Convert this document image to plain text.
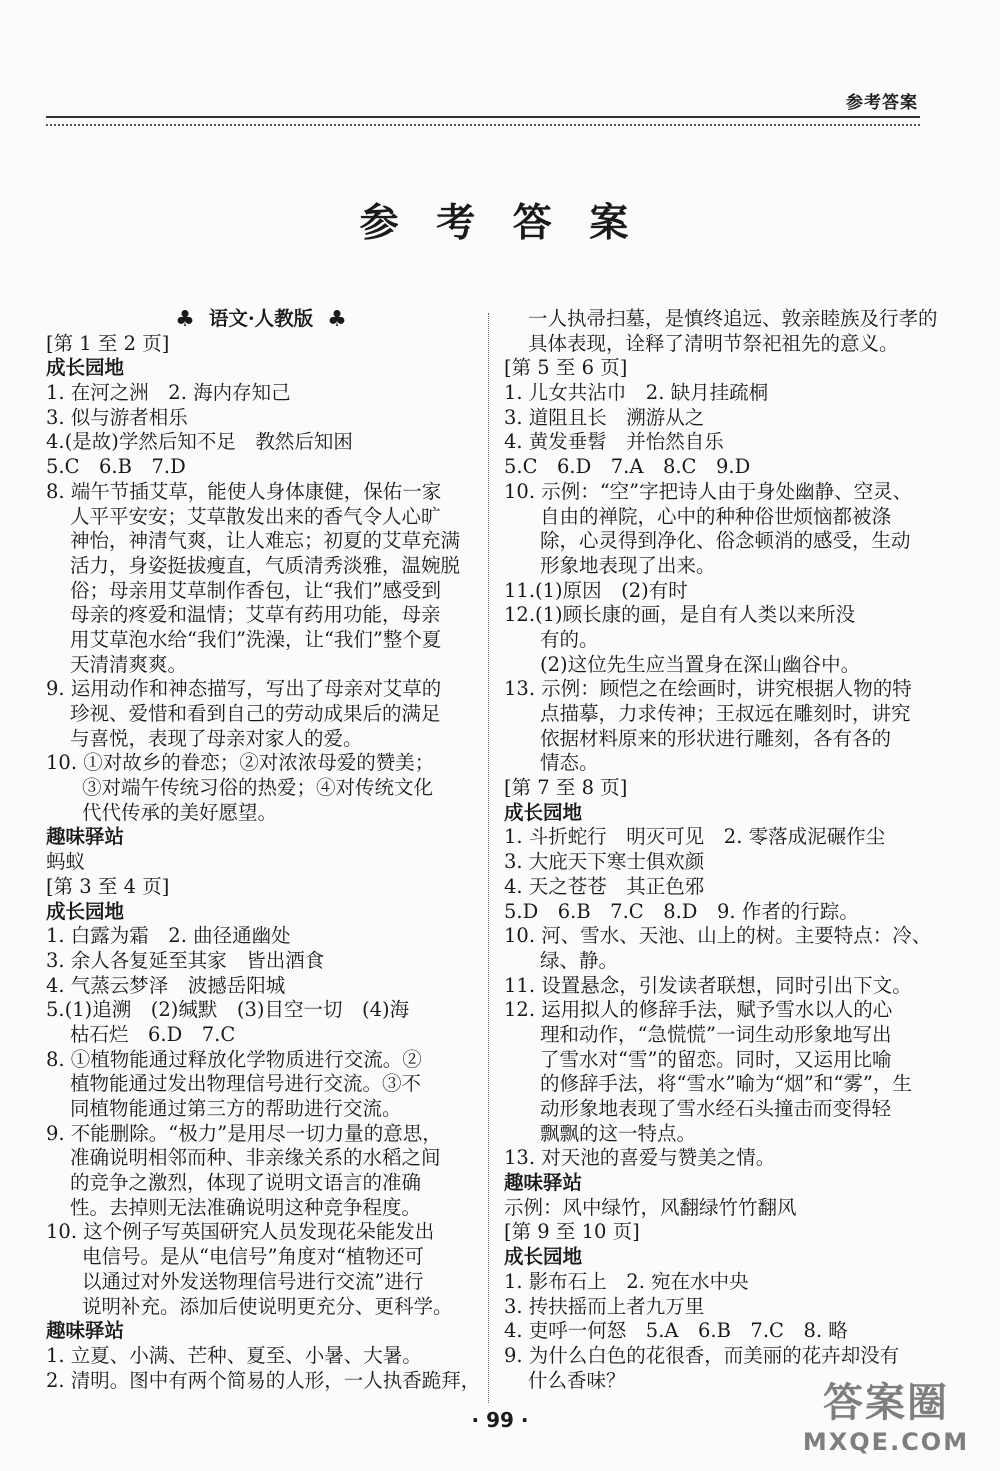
参考答案
参 考 答 案
♣ 语文·人教版 ♣
[第 1 至 2 页]
成长园地
1. 在河之洲　2. 海内存知己
3. 似与游者相乐
4.(是故)学然后知不足　教然后知困
5.C　6.B　7.D
8. 端午节插艾草，能使人身体康健，保佑一家
人平平安安；艾草散发出来的香气令人心旷
神怡，神清气爽，让人难忘；初夏的艾草充满
活力，身姿挺拔瘦直，气质清秀淡雅，温婉脱
俗；母亲用艾草制作香包，让“我们”感受到
母亲的疼爱和温情；艾草有药用功能，母亲
用艾草泡水给“我们”洗澡，让“我们”整个夏
天清清爽爽。
9. 运用动作和神态描写，写出了母亲对艾草的
珍视、爱惜和看到自己的劳动成果后的满足
与喜悦，表现了母亲对家人的爱。
10. ①对故乡的眷恋；②对浓浓母爱的赞美；
③对端午传统习俗的热爱；④对传统文化
代代传承的美好愿望。
趣味驿站
蚂蚁
[第 3 至 4 页]
成长园地
1. 白露为霜　2. 曲径通幽处
3. 余人各复延至其家　皆出酒食
4. 气蒸云梦泽　波撼岳阳城
5.(1)追溯　(2)缄默　(3)目空一切　(4)海
枯石烂　6.D　7.C
8. ①植物能通过释放化学物质进行交流。②
植物能通过发出物理信号进行交流。③不
同植物能通过第三方的帮助进行交流。
9. 不能删除。“极力”是用尽一切力量的意思，
准确说明相邻而种、非亲缘关系的水稻之间
的竞争之激烈，体现了说明文语言的准确
性。去掉则无法准确说明这种竞争程度。
10. 这个例子写英国研究人员发现花朵能发出
电信号。是从“电信号”角度对“植物还可
以通过对外发送物理信号进行交流”进行
说明补充。添加后使说明更充分、更科学。
趣味驿站
1. 立夏、小满、芒种、夏至、小暑、大暑。
2. 清明。图中有两个简易的人形，一人执香跪拜，
一人执帚扫墓，是慎终追远、敦亲睦族及行孝的
具体表现，诠释了清明节祭祀祖先的意义。
[第 5 至 6 页]
1. 儿女共沾巾　2. 缺月挂疏桐
3. 道阻且长　溯游从之
4. 黄发垂髫　并怡然自乐
5.C　6.D　7.A　8.C　9.D
10. 示例：“空”字把诗人由于身处幽静、空灵、
自由的禅院，心中的种种俗世烦恼都被涤
除，心灵得到净化、俗念顿消的感受，生动
形象地表现了出来。
11.(1)原因　(2)有时
12.(1)顾长康的画，是自有人类以来所没
有的。
(2)这位先生应当置身在深山幽谷中。
13. 示例：顾恺之在绘画时，讲究根据人物的特
点描摹，力求传神；王叔远在雕刻时，讲究
依据材料原来的形状进行雕刻，各有各的
情态。
[第 7 至 8 页]
成长园地
1. 斗折蛇行　明灭可见　2. 零落成泥碾作尘
3. 大庇天下寒士俱欢颜
4. 天之苍苍　其正色邪
5.D　6.B　7.C　8.D　9. 作者的行踪。
10. 河、雪水、天池、山上的树。主要特点：冷、
绿、静。
11. 设置悬念，引发读者联想，同时引出下文。
12. 运用拟人的修辞手法，赋予雪水以人的心
理和动作，“急慌慌”一词生动形象地写出
了雪水对“雪”的留恋。同时，又运用比喻
的修辞手法，将“雪水”喻为“烟”和“雾”，生
动形象地表现了雪水经石头撞击而变得轻
飘飘的这一特点。
13. 对天池的喜爱与赞美之情。
趣味驿站
示例：风中绿竹，风翻绿竹竹翻风
[第 9 至 10 页]
成长园地
1. 影布石上　2. 宛在水中央
3. 抟扶摇而上者九万里
4. 吏呼一何怒　5.A　6.B　7.C　8. 略
9. 为什么白色的花很香，而美丽的花卉却没有
什么香味？
· 99 ·	答案圈
MXQE.COM
